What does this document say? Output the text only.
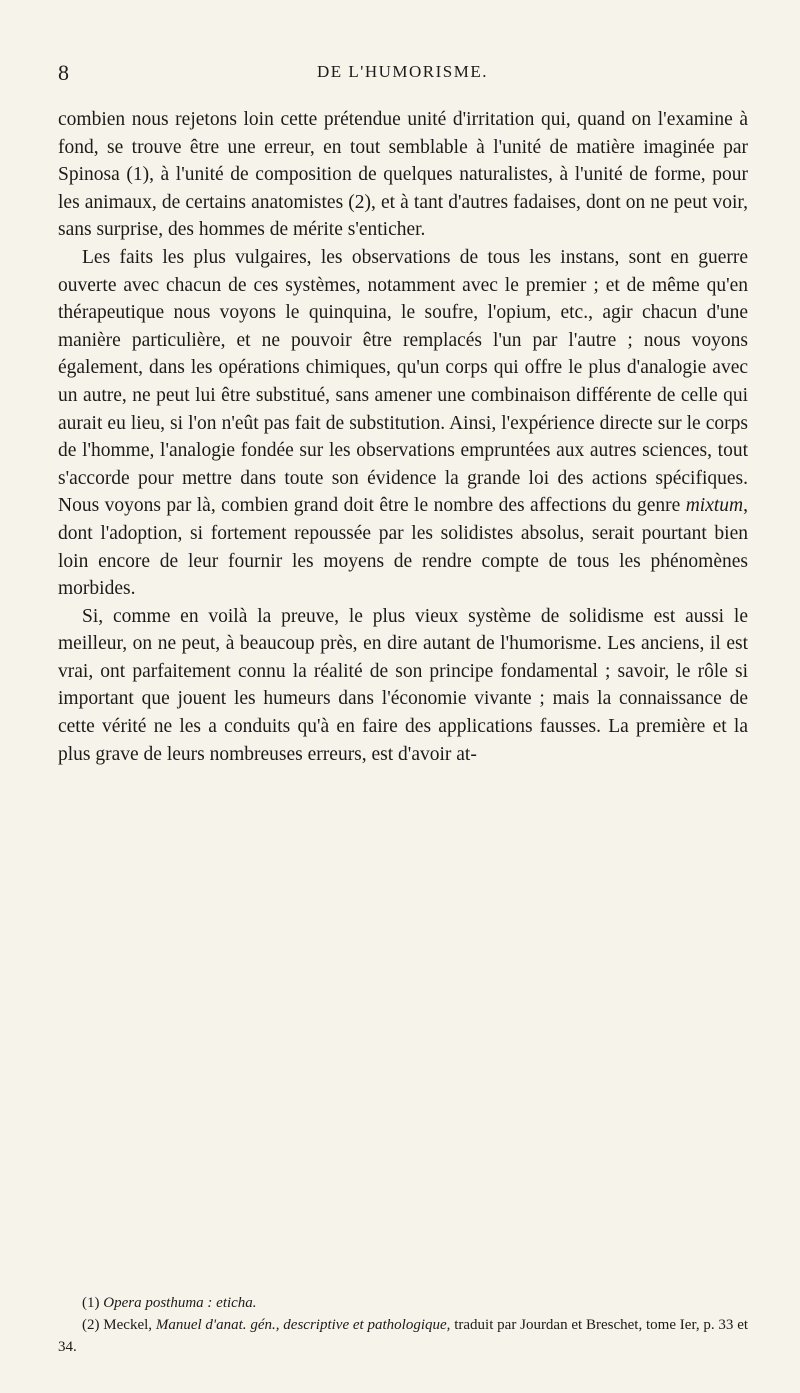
8	DE L'HUMORISME.

combien nous rejetons loin cette prétendue unité d'irritation qui, quand on l'examine à fond, se trouve être une erreur, en tout semblable à l'unité de matière imaginée par Spinosa (1), à l'unité de composition de quelques naturalistes, à l'unité de forme, pour les animaux, de certains anatomistes (2), et à tant d'autres fadaises, dont on ne peut voir, sans surprise, des hommes de mérite s'enticher.

Les faits les plus vulgaires, les observations de tous les instans, sont en guerre ouverte avec chacun de ces systèmes, notamment avec le premier ; et de même qu'en thérapeutique nous voyons le quinquina, le soufre, l'opium, etc., agir chacun d'une manière particulière, et ne pouvoir être remplacés l'un par l'autre ; nous voyons également, dans les opérations chimiques, qu'un corps qui offre le plus d'analogie avec un autre, ne peut lui être substitué, sans amener une combinaison différente de celle qui aurait eu lieu, si l'on n'eût pas fait de substitution. Ainsi, l'expérience directe sur le corps de l'homme, l'analogie fondée sur les observations empruntées aux autres sciences, tout s'accorde pour mettre dans toute son évidence la grande loi des actions spécifiques. Nous voyons par là, combien grand doit être le nombre des affections du genre mixtum, dont l'adoption, si fortement repoussée par les solidistes absolus, serait pourtant bien loin encore de leur fournir les moyens de rendre compte de tous les phénomènes morbides.

Si, comme en voilà la preuve, le plus vieux système de solidisme est aussi le meilleur, on ne peut, à beaucoup près, en dire autant de l'humorisme. Les anciens, il est vrai, ont parfaitement connu la réalité de son principe fondamental ; savoir, le rôle si important que jouent les humeurs dans l'économie vivante ; mais la connaissance de cette vérité ne les a conduits qu'à en faire des applications fausses. La première et la plus grave de leurs nombreuses erreurs, est d'avoir at-

(1) Opera posthuma : eticha.

(2) Meckel, Manuel d'anat. gén., descriptive et pathologique, traduit par Jourdan et Breschet, tome Ier, p. 33 et 34.
